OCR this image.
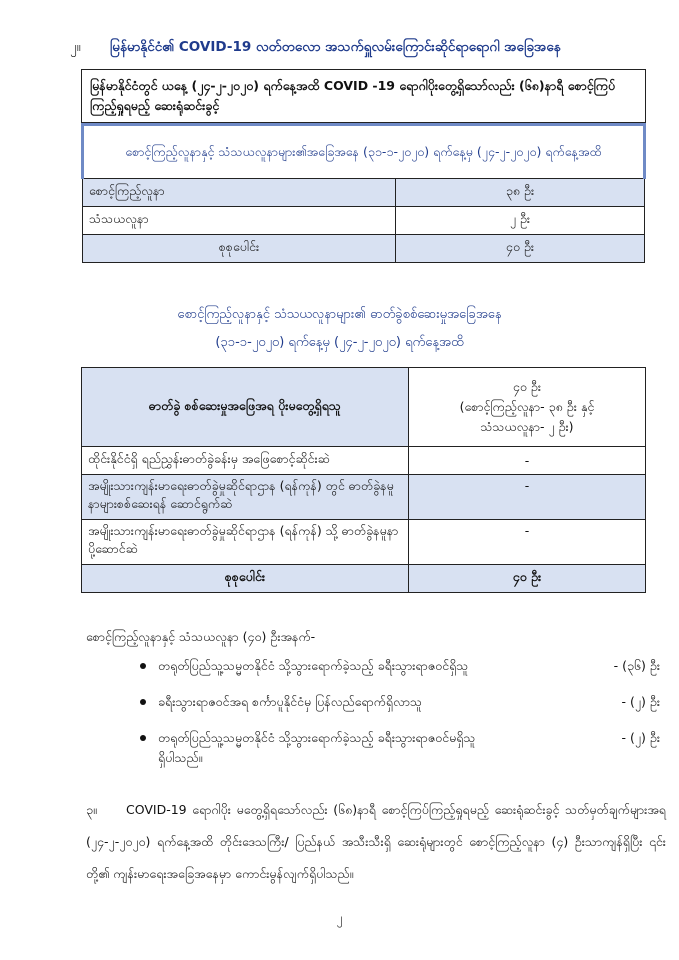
၂။ မြန်မာနိုင်ငံ၏ COVID-19 လတ်တလော အသက်ရှူလမ်းကြောင်းဆိုင်ရာရောဂါ အခြေအနေ
မြန်မာနိုင်ငံတွင် ယနေ့ (၂၄-၂-၂၀၂၀) ရက်နေ့အထိ COVID -19 ရောဂါပိုးတွေ့ရှိသော်လည်း (၆၈)နာရီ စောင့်ကြပ်ကြည့်ရှုရမည့် ဆေးရုံဆင်းခွင့်
စောင့်ကြည့်လူနာနှင့် သံသယလူနာများ၏အခြေအနေ (၃၁-၁-၂၀၂၀) ရက်နေ့မှ (၂၄-၂-၂၀၂၀) ရက်နေ့အထိ	
စောင့်ကြည့်လူနာ	၃၈ ဦး
သံသယလူနာ	၂ ဦး
စုစုပေါင်း	၄၀ ဦး
စောင့်ကြည့်လူနာနှင့် သံသယလူနာများ၏ ဓာတ်ခွဲစစ်ဆေးမှုအခြေအနေ
(၃၁-၁-၂၀၂၀) ရက်နေ့မှ (၂၄-၂-၂၀၂၀) ရက်နေ့အထိ
ဓာတ်ခွဲ စစ်ဆေးမှုအဖြေအရ ပိုးမတွေ့ရှိရသူ	၄၀ ဦး
(စောင့်ကြည့်လူနာ- ၃၈ ဦး နှင့်
သံသယလူနာ- ၂ ဦး)

ထိုင်းနိုင်ငံရှိ ရည်ညွှန်းဓာတ်ခွဲခန်းမှ အဖြေစောင့်ဆိုင်းဆဲ	-
အမျိုးသားကျန်းမာရေးဓာတ်ခွဲမှုဆိုင်ရာဌာန (ရန်ကုန်) တွင် ဓာတ်ခွဲနမူနာများစစ်ဆေးရန် ဆောင်ရွက်ဆဲ	-
အမျိုးသားကျန်းမာရေးဓာတ်ခွဲမှုဆိုင်ရာဌာန (ရန်ကုန်) သို့ ဓာတ်ခွဲနမူနာပို့ဆောင်ဆဲ	-
စုစုပေါင်း	၄၀ ဦး
စောင့်ကြည့်လူနာနှင့် သံသယလူနာ (၄၀) ဦးအနက်-
တရုတ်ပြည်သူ့သမ္မတနိုင်ငံ သို့သွားရောက်ခဲ့သည့် ခရီးသွားရာဇဝင်ရှိသူ	- (၃၆) ဦး
ခရီးသွားရာဇဝင်အရ စင်္ကာပူနိုင်ငံမှ ပြန်လည်ရောက်ရှိလာသူ	- (၂) ဦး
တရုတ်ပြည်သူ့သမ္မတနိုင်ငံ သို့သွားရောက်ခဲ့သည့် ခရီးသွားရာဇဝင်မရှိသူ	- (၂) ဦး
ရှိပါသည်။
၃။ COVID-19 ရောဂါပိုး မတွေ့ရှိရသော်လည်း (၆၈)နာရီ စောင့်ကြပ်ကြည့်ရှုရမည့် ဆေးရုံဆင်းခွင့် သတ်မှတ်ချက်များအရ (၂၄-၂-၂၀၂၀) ရက်နေ့အထိ တိုင်းဒေသကြီး/ ပြည်နယ် အသီးသီးရှိ ဆေးရုံများတွင် စောင့်ကြည့်လူနာ (၄) ဦးသာကျန်ရှိပြီး ၎င်းတို့၏ ကျန်းမာရေးအခြေအနေမှာ ကောင်းမွန်လျက်ရှိပါသည်။
၂
